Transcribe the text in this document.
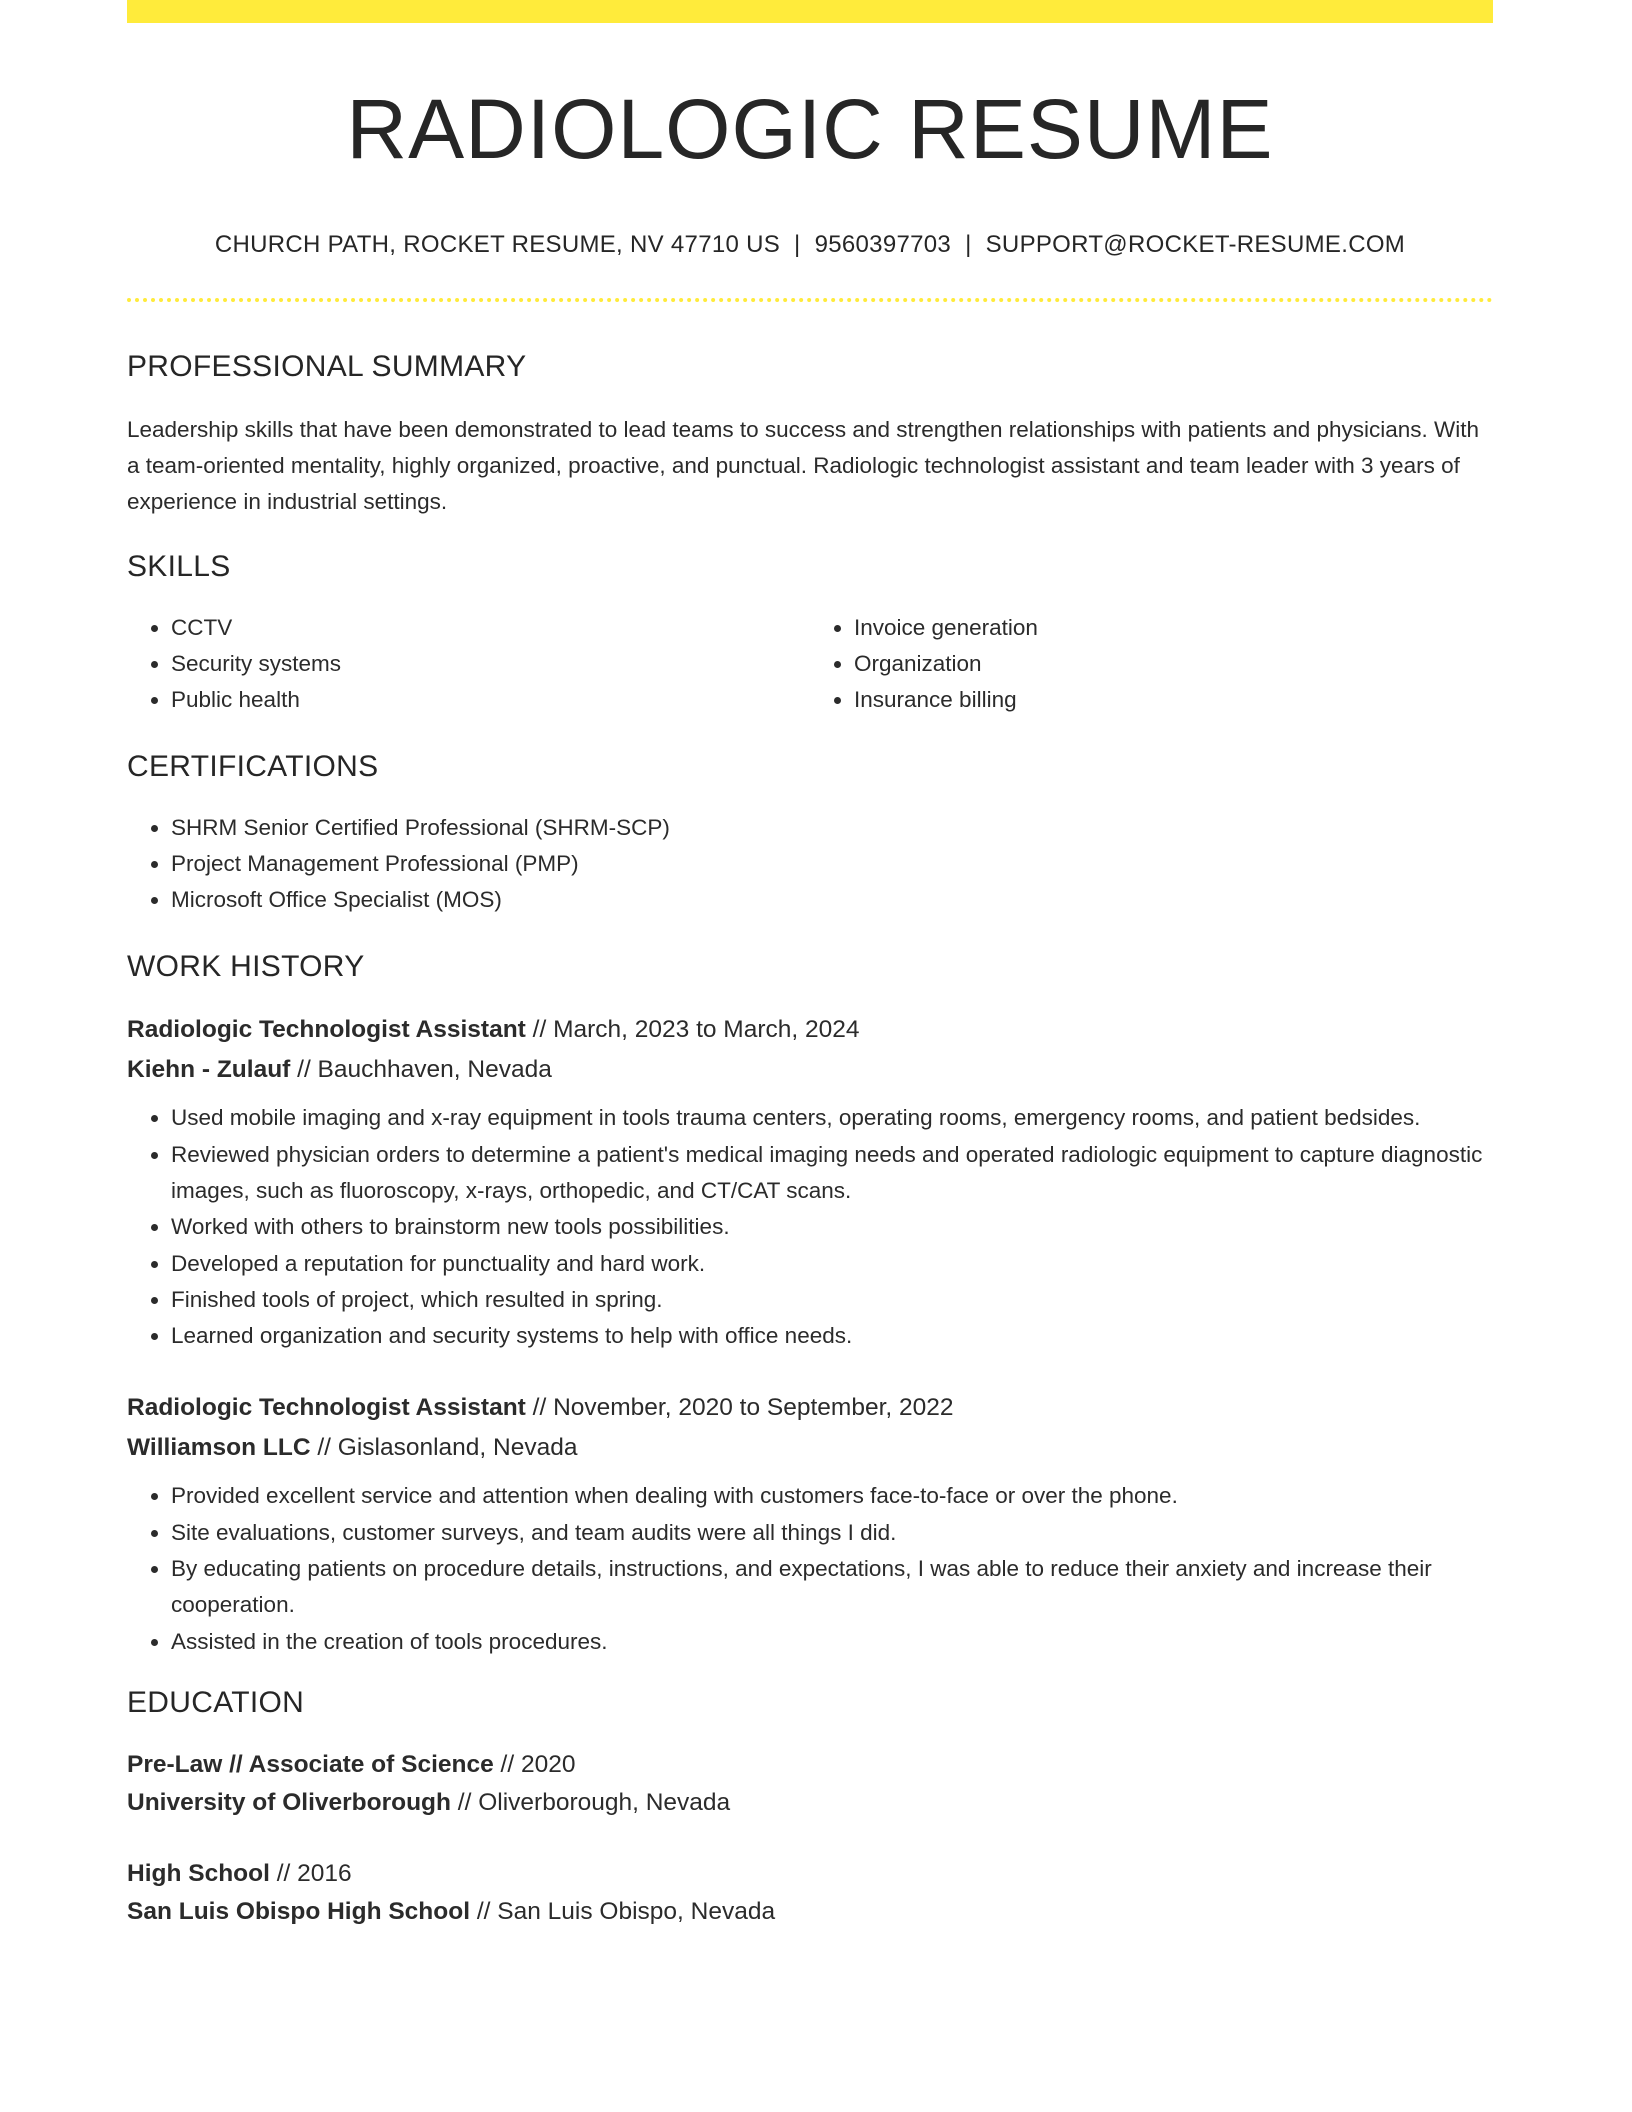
RADIOLOGIC RESUME
CHURCH PATH, ROCKET RESUME, NV 47710 US | 9560397703 | SUPPORT@ROCKET-RESUME.COM
PROFESSIONAL SUMMARY

Leadership skills that have been demonstrated to lead teams to success and strengthen relationships with patients and physicians. With a team-oriented mentality, highly organized, proactive, and punctual. Radiologic technologist assistant and team leader with 3 years of experience in industrial settings.

SKILLS
• CCTV
• Security systems
• Public health
• Invoice generation
• Organization
• Insurance billing
CERTIFICATIONS
• SHRM Senior Certified Professional (SHRM-SCP)
• Project Management Professional (PMP)
• Microsoft Office Specialist (MOS)
WORK HISTORY
Radiologic Technologist Assistant // March, 2023 to March, 2024
Kiehn - Zulauf // Bauchhaven, Nevada
• Used mobile imaging and x-ray equipment in tools trauma centers, operating rooms, emergency rooms, and patient bedsides.
• Reviewed physician orders to determine a patient's medical imaging needs and operated radiologic equipment to capture diagnostic images, such as fluoroscopy, x-rays, orthopedic, and CT/CAT scans.
• Worked with others to brainstorm new tools possibilities.
• Developed a reputation for punctuality and hard work.
• Finished tools of project, which resulted in spring.
• Learned organization and security systems to help with office needs.
Radiologic Technologist Assistant // November, 2020 to September, 2022
Williamson LLC // Gislasonland, Nevada
• Provided excellent service and attention when dealing with customers face-to-face or over the phone.
• Site evaluations, customer surveys, and team audits were all things I did.
• By educating patients on procedure details, instructions, and expectations, I was able to reduce their anxiety and increase their cooperation.
• Assisted in the creation of tools procedures.
EDUCATION
Pre-Law // Associate of Science // 2020
University of Oliverborough // Oliverborough, Nevada
High School // 2016
San Luis Obispo High School // San Luis Obispo, Nevada
